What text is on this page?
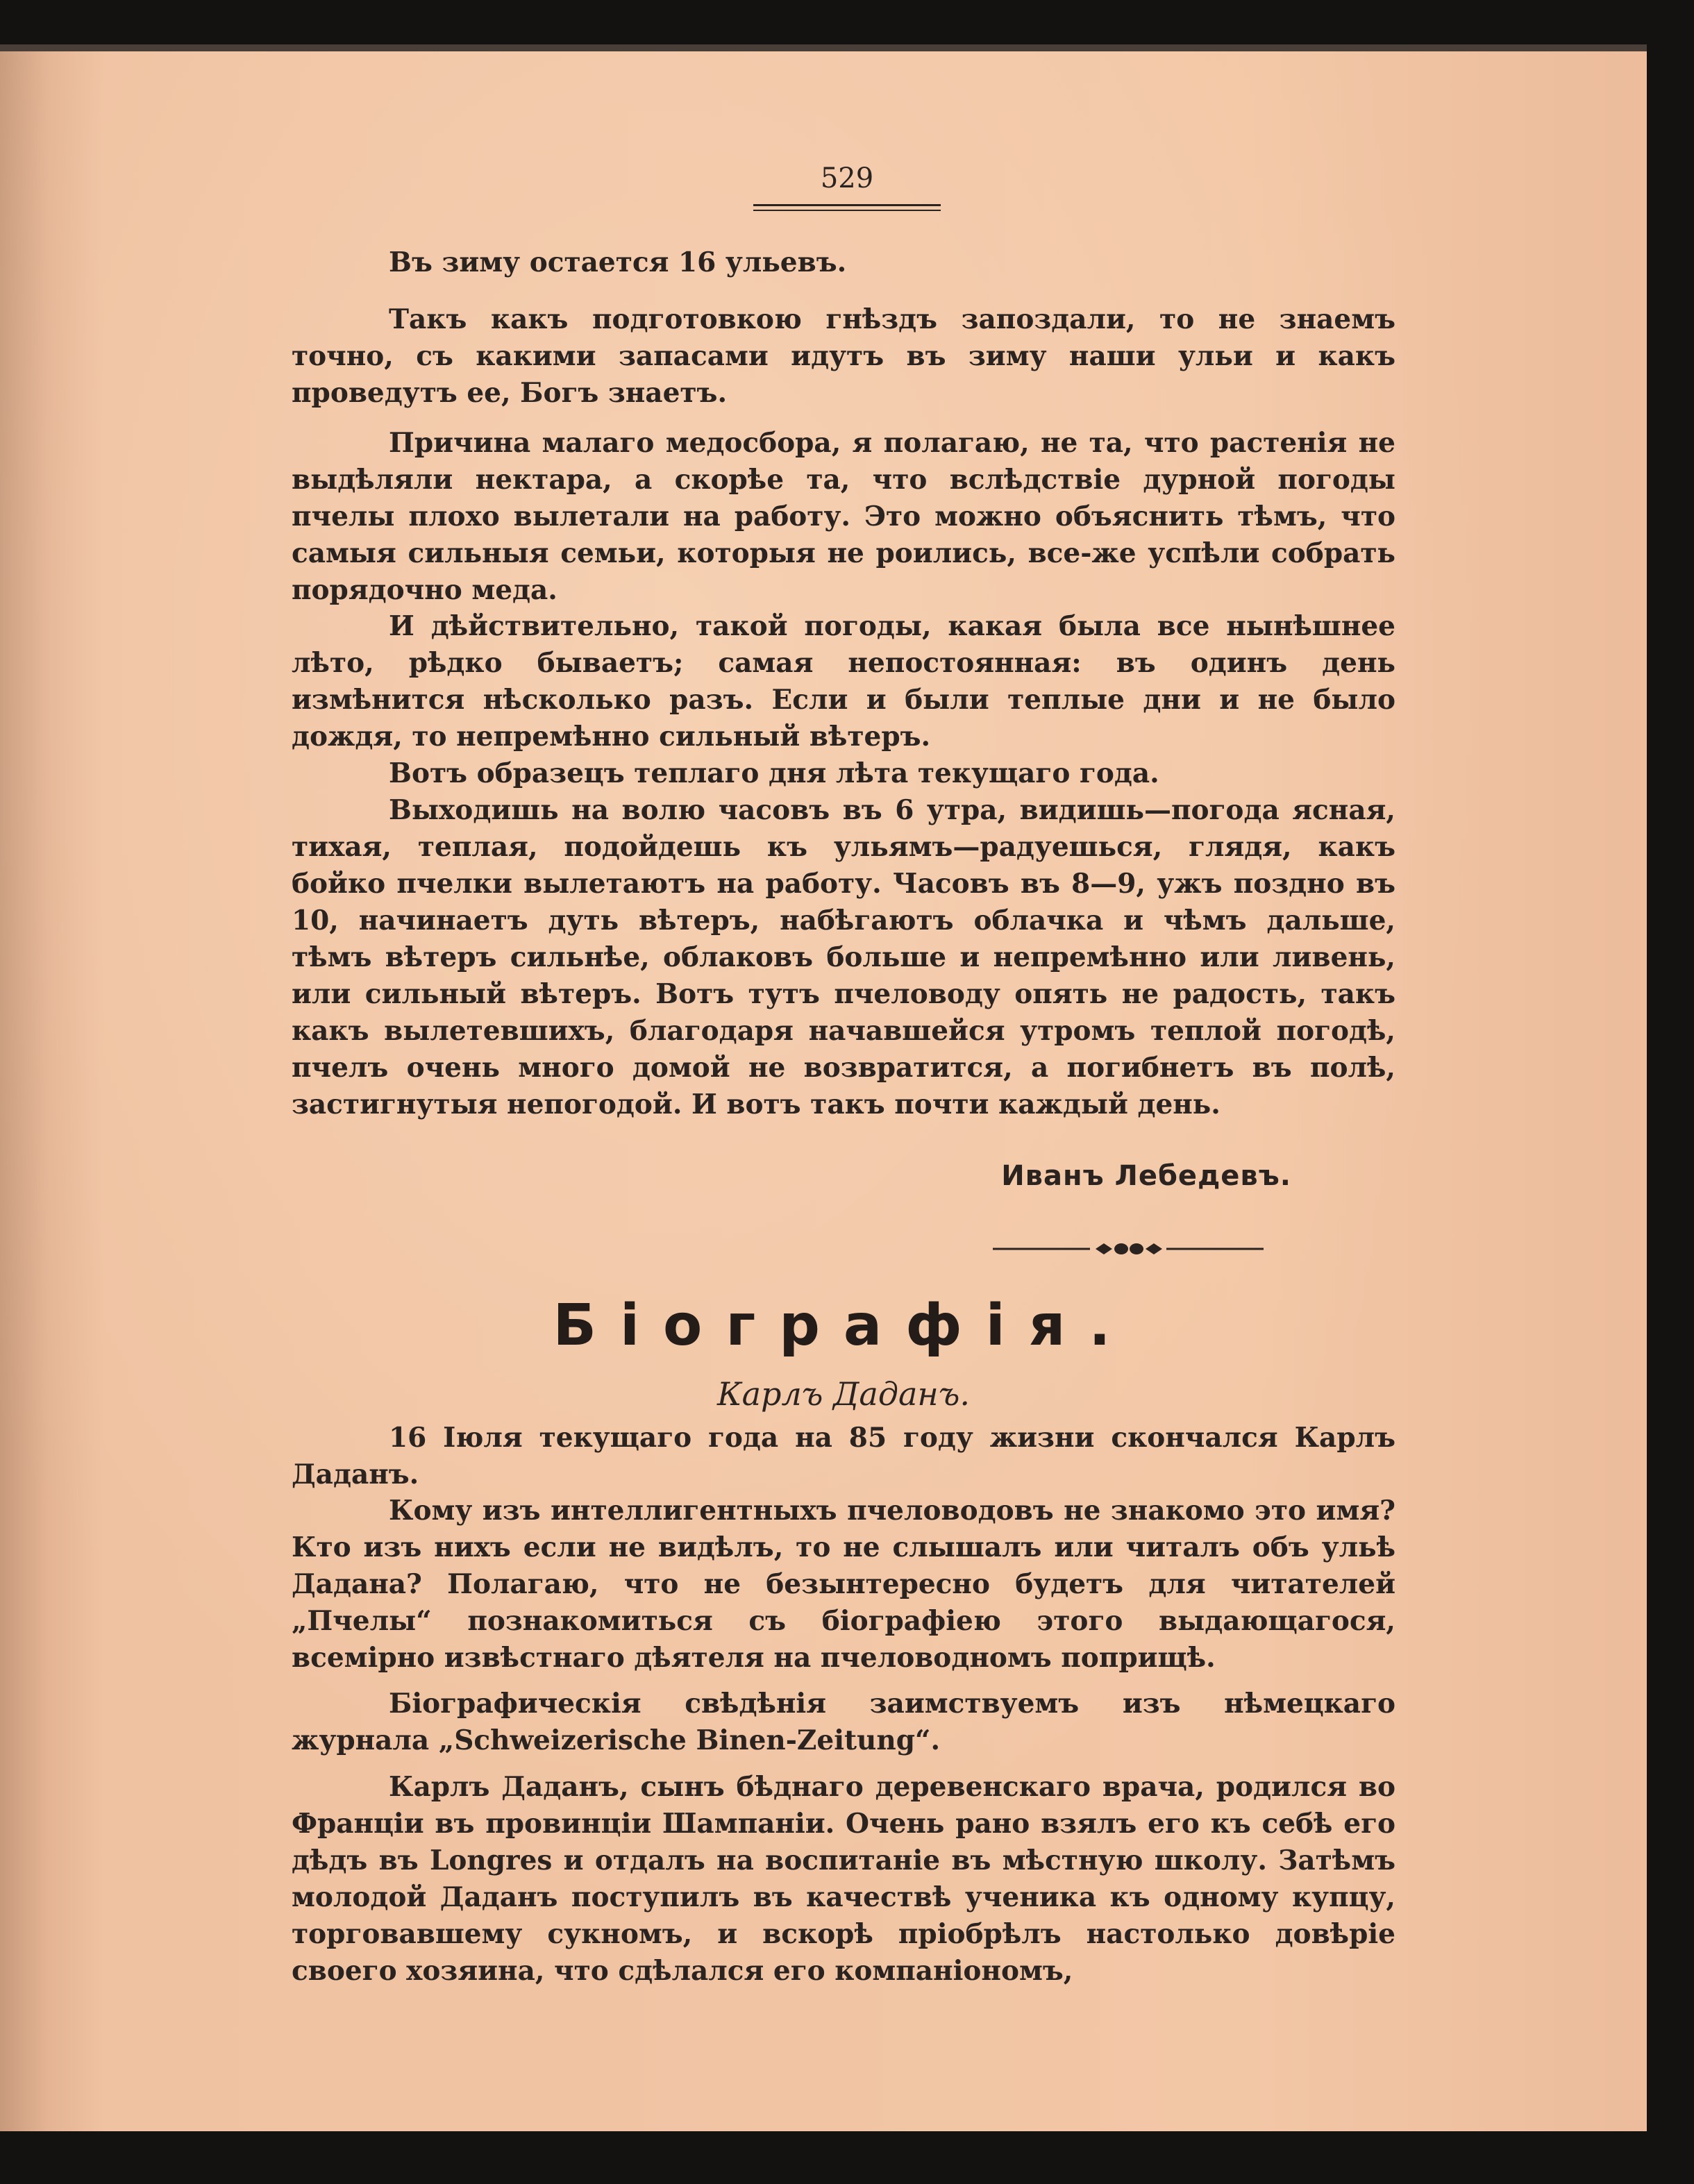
529

Въ зиму остается 16 ульевъ.

Такъ какъ подготовкою гнѣздъ запоздали, то не знаемъ точно, съ какими запасами идутъ въ зиму наши ульи и какъ проведутъ ее, Богъ знаетъ.

Причина малаго медосбора, я полагаю, не та, что растенія не выдѣляли нектара, а скорѣе та, что вслѣдствіе дурной погоды пчелы плохо вылетали на работу. Это можно объяснить тѣмъ, что самыя сильныя семьи, которыя не роились, все-же успѣли собрать порядочно меда.

И дѣйствительно, такой погоды, какая была все нынѣшнее лѣто, рѣдко бываетъ; самая непостоянная: въ одинъ день измѣнится нѣсколько разъ. Если и были теплые дни и не было дождя, то непремѣнно сильный вѣтеръ.

Вотъ образецъ теплаго дня лѣта текущаго года.

Выходишь на волю часовъ въ 6 утра, видишь—погода ясная, тихая, теплая, подойдешь къ ульямъ—радуешься, глядя, какъ бойко пчелки вылетаютъ на работу. Часовъ въ 8—9, ужъ поздно въ 10, начинаетъ дуть вѣтеръ, набѣгаютъ облачка и чѣмъ дальше, тѣмъ вѣтеръ сильнѣе, облаковъ больше и непремѣнно или ливень, или сильный вѣтеръ. Вотъ тутъ пчеловоду опять не радость, такъ какъ вылетевшихъ, благодаря начавшейся утромъ теплой погодѣ, пчелъ очень много домой не возвратится, а погибнетъ въ полѣ, застигнутыя непогодой. И вотъ такъ почти каждый день.

Иванъ Лебедевъ.
Біографія.
Карлъ Даданъ.

16 Іюля текущаго года на 85 году жизни скончался Карлъ Даданъ.

Кому изъ интеллигентныхъ пчеловодовъ не знакомо это имя? Кто изъ нихъ если не видѣлъ, то не слышалъ или читалъ объ ульѣ Дадана? Полагаю, что не безынтересно будетъ для читателей „Пчелы“ познакомиться съ біографіею этого выдающагося, всемірно извѣстнаго дѣятеля на пчеловодномъ поприщѣ.

Біографическія свѣдѣнія заимствуемъ изъ нѣмецкаго журнала „Schweizerische Binen-Zeitung“.

Карлъ Даданъ, сынъ бѣднаго деревенскаго врача, родился во Франціи въ провинціи Шампаніи. Очень рано взялъ его къ себѣ его дѣдъ въ Longres и отдалъ на воспитаніе въ мѣстную школу. Затѣмъ молодой Даданъ поступилъ въ качествѣ ученика къ одному купцу, торговавшему сукномъ, и вскорѣ пріобрѣлъ настолько довѣріе своего хозяина, что сдѣлался его компаніономъ,
